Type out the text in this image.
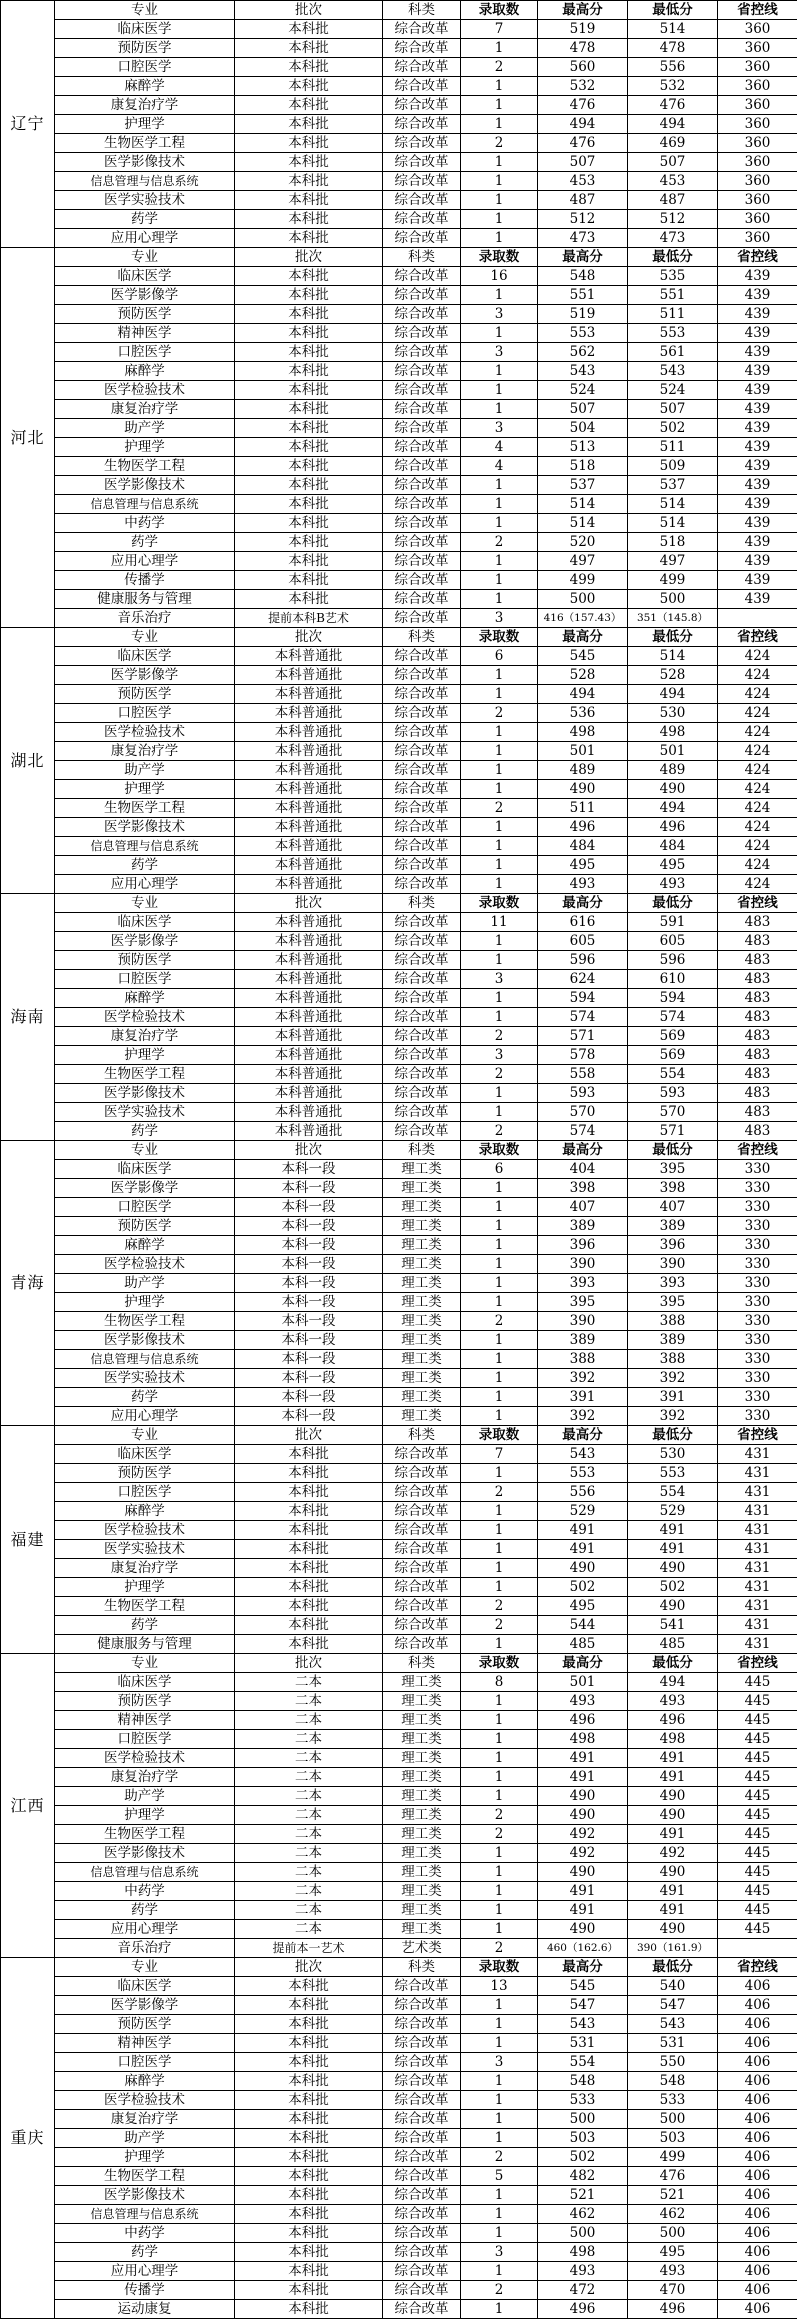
辽宁	专业	批次	科类	录取数	最高分	最低分	省控线
	临床医学	本科批	综合改革	7	519	514	360
	预防医学	本科批	综合改革	1	478	478	360
	口腔医学	本科批	综合改革	2	560	556	360
	麻醉学	本科批	综合改革	1	532	532	360
	康复治疗学	本科批	综合改革	1	476	476	360
	护理学	本科批	综合改革	1	494	494	360
	生物医学工程	本科批	综合改革	2	476	469	360
	医学影像技术	本科批	综合改革	1	507	507	360
	信息管理与信息系统	本科批	综合改革	1	453	453	360
	医学实验技术	本科批	综合改革	1	487	487	360
	药学	本科批	综合改革	1	512	512	360
	应用心理学	本科批	综合改革	1	473	473	360
河北	专业	批次	科类	录取数	最高分	最低分	省控线
	临床医学	本科批	综合改革	16	548	535	439
	医学影像学	本科批	综合改革	1	551	551	439
	预防医学	本科批	综合改革	3	519	511	439
	精神医学	本科批	综合改革	1	553	553	439
	口腔医学	本科批	综合改革	3	562	561	439
	麻醉学	本科批	综合改革	1	543	543	439
	医学检验技术	本科批	综合改革	1	524	524	439
	康复治疗学	本科批	综合改革	1	507	507	439
	助产学	本科批	综合改革	3	504	502	439
	护理学	本科批	综合改革	4	513	511	439
	生物医学工程	本科批	综合改革	4	518	509	439
	医学影像技术	本科批	综合改革	1	537	537	439
	信息管理与信息系统	本科批	综合改革	1	514	514	439
	中药学	本科批	综合改革	1	514	514	439
	药学	本科批	综合改革	2	520	518	439
	应用心理学	本科批	综合改革	1	497	497	439
	传播学	本科批	综合改革	1	499	499	439
	健康服务与管理	本科批	综合改革	1	500	500	439
	音乐治疗	提前本科B艺术	综合改革	3	416（157.43）	351（145.8）	
湖北	专业	批次	科类	录取数	最高分	最低分	省控线
	临床医学	本科普通批	综合改革	6	545	514	424
	医学影像学	本科普通批	综合改革	1	528	528	424
	预防医学	本科普通批	综合改革	1	494	494	424
	口腔医学	本科普通批	综合改革	2	536	530	424
	医学检验技术	本科普通批	综合改革	1	498	498	424
	康复治疗学	本科普通批	综合改革	1	501	501	424
	助产学	本科普通批	综合改革	1	489	489	424
	护理学	本科普通批	综合改革	1	490	490	424
	生物医学工程	本科普通批	综合改革	2	511	494	424
	医学影像技术	本科普通批	综合改革	1	496	496	424
	信息管理与信息系统	本科普通批	综合改革	1	484	484	424
	药学	本科普通批	综合改革	1	495	495	424
	应用心理学	本科普通批	综合改革	1	493	493	424
海南	专业	批次	科类	录取数	最高分	最低分	省控线
	临床医学	本科普通批	综合改革	11	616	591	483
	医学影像学	本科普通批	综合改革	1	605	605	483
	预防医学	本科普通批	综合改革	1	596	596	483
	口腔医学	本科普通批	综合改革	3	624	610	483
	麻醉学	本科普通批	综合改革	1	594	594	483
	医学检验技术	本科普通批	综合改革	1	574	574	483
	康复治疗学	本科普通批	综合改革	2	571	569	483
	护理学	本科普通批	综合改革	3	578	569	483
	生物医学工程	本科普通批	综合改革	2	558	554	483
	医学影像技术	本科普通批	综合改革	1	593	593	483
	医学实验技术	本科普通批	综合改革	1	570	570	483
	药学	本科普通批	综合改革	2	574	571	483
青海	专业	批次	科类	录取数	最高分	最低分	省控线
	临床医学	本科一段	理工类	6	404	395	330
	医学影像学	本科一段	理工类	1	398	398	330
	口腔医学	本科一段	理工类	1	407	407	330
	预防医学	本科一段	理工类	1	389	389	330
	麻醉学	本科一段	理工类	1	396	396	330
	医学检验技术	本科一段	理工类	1	390	390	330
	助产学	本科一段	理工类	1	393	393	330
	护理学	本科一段	理工类	1	395	395	330
	生物医学工程	本科一段	理工类	2	390	388	330
	医学影像技术	本科一段	理工类	1	389	389	330
	信息管理与信息系统	本科一段	理工类	1	388	388	330
	医学实验技术	本科一段	理工类	1	392	392	330
	药学	本科一段	理工类	1	391	391	330
	应用心理学	本科一段	理工类	1	392	392	330
福建	专业	批次	科类	录取数	最高分	最低分	省控线
	临床医学	本科批	综合改革	7	543	530	431
	预防医学	本科批	综合改革	1	553	553	431
	口腔医学	本科批	综合改革	2	556	554	431
	麻醉学	本科批	综合改革	1	529	529	431
	医学检验技术	本科批	综合改革	1	491	491	431
	医学实验技术	本科批	综合改革	1	491	491	431
	康复治疗学	本科批	综合改革	1	490	490	431
	护理学	本科批	综合改革	1	502	502	431
	生物医学工程	本科批	综合改革	2	495	490	431
	药学	本科批	综合改革	2	544	541	431
	健康服务与管理	本科批	综合改革	1	485	485	431
江西	专业	批次	科类	录取数	最高分	最低分	省控线
	临床医学	二本	理工类	8	501	494	445
	预防医学	二本	理工类	1	493	493	445
	精神医学	二本	理工类	1	496	496	445
	口腔医学	二本	理工类	1	498	498	445
	医学检验技术	二本	理工类	1	491	491	445
	康复治疗学	二本	理工类	1	491	491	445
	助产学	二本	理工类	1	490	490	445
	护理学	二本	理工类	2	490	490	445
	生物医学工程	二本	理工类	2	492	491	445
	医学影像技术	二本	理工类	1	492	492	445
	信息管理与信息系统	二本	理工类	1	490	490	445
	中药学	二本	理工类	1	491	491	445
	药学	二本	理工类	1	491	491	445
	应用心理学	二本	理工类	1	490	490	445
	音乐治疗	提前本一艺术	艺术类	2	460（162.6）	390（161.9）	
重庆	专业	批次	科类	录取数	最高分	最低分	省控线
	临床医学	本科批	综合改革	13	545	540	406
	医学影像学	本科批	综合改革	1	547	547	406
	预防医学	本科批	综合改革	1	543	543	406
	精神医学	本科批	综合改革	1	531	531	406
	口腔医学	本科批	综合改革	3	554	550	406
	麻醉学	本科批	综合改革	1	548	548	406
	医学检验技术	本科批	综合改革	1	533	533	406
	康复治疗学	本科批	综合改革	1	500	500	406
	助产学	本科批	综合改革	1	503	503	406
	护理学	本科批	综合改革	2	502	499	406
	生物医学工程	本科批	综合改革	5	482	476	406
	医学影像技术	本科批	综合改革	1	521	521	406
	信息管理与信息系统	本科批	综合改革	1	462	462	406
	中药学	本科批	综合改革	1	500	500	406
	药学	本科批	综合改革	3	498	495	406
	应用心理学	本科批	综合改革	1	493	493	406
	传播学	本科批	综合改革	2	472	470	406
	运动康复	本科批	综合改革	1	496	496	406
